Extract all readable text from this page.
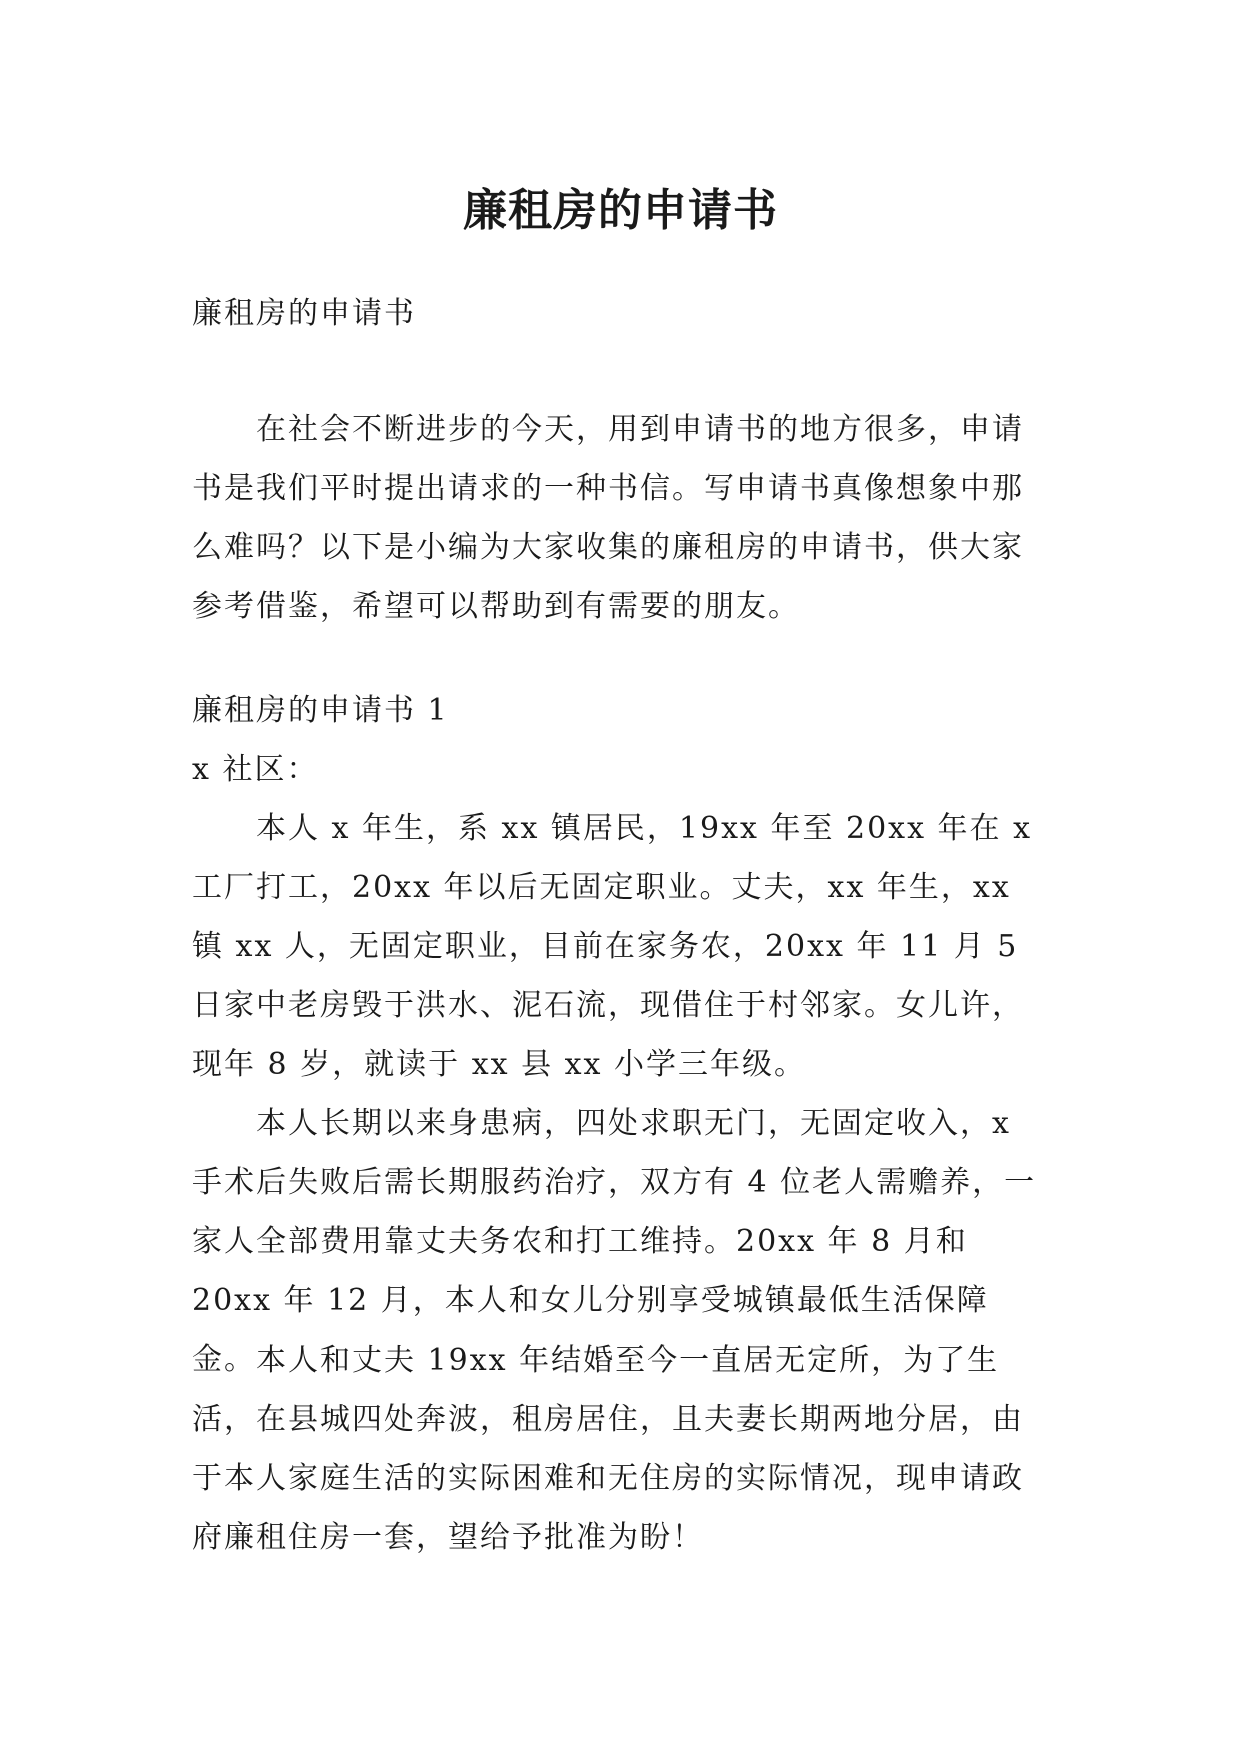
廉租房的申请书

廉租房的申请书

在社会不断进步的今天，用到申请书的地方很多，申请书是我们平时提出请求的一种书信。写申请书真像想象中那么难吗？以下是小编为大家收集的廉租房的申请书，供大家参考借鉴，希望可以帮助到有需要的朋友。

廉租房的申请书 1

x 社区：

本人 x 年生，系 xx 镇居民，19xx 年至 20xx 年在 x 工厂打工，20xx 年以后无固定职业。丈夫，xx 年生，xx 镇 xx 人，无固定职业，目前在家务农，20xx 年 11 月 5 日家中老房毁于洪水、泥石流，现借住于村邻家。女儿许，现年 8 岁，就读于 xx 县 xx 小学三年级。

本人长期以来身患病，四处求职无门，无固定收入，x 手术后失败后需长期服药治疗，双方有 4 位老人需赡养，一家人全部费用靠丈夫务农和打工维持。20xx 年 8 月和 20xx 年 12 月，本人和女儿分别享受城镇最低生活保障金。 本人和丈夫 19xx 年结婚至今一直居无定所，为了生活，在县城四处奔波，租房居住，且夫妻长期两地分居，由于本人家庭生活的实际困难和无住房的实际情况，现申请政府廉租住房一套，望给予批准为盼！
